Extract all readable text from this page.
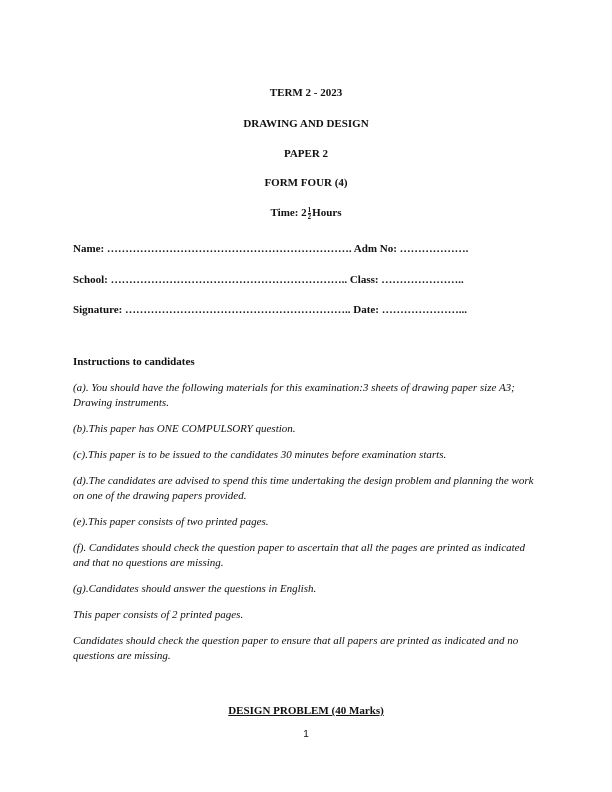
TERM 2 - 2023
DRAWING AND DESIGN
PAPER 2
FORM FOUR (4)
Time: $2 \frac{1}{2}$ Hours
Name: …………………………………………………………. Adm No: ……………….
School: ……………………………………………………….. Class: …………………..
Signature: …………………………………………………….. Date: …………………...
Instructions to candidates
(a). You should have the following materials for this examination:3 sheets of drawing paper size A3; Drawing instruments.
(b).This paper has ONE COMPULSORY question.
(c).This paper is to be issued to the candidates 30 minutes before examination starts.
(d).The candidates are advised to spend this time undertaking the design problem and planning the work on one of the drawing papers provided.
(e).This paper consists of two printed pages.
(f). Candidates should check the question paper to ascertain that all the pages are printed as indicated and that no questions are missing.
(g).Candidates should answer the questions in English.
This paper consists of 2 printed pages.
Candidates should check the question paper to ensure that all papers are printed as indicated and no questions are missing.
DESIGN PROBLEM (40 Marks)
1
